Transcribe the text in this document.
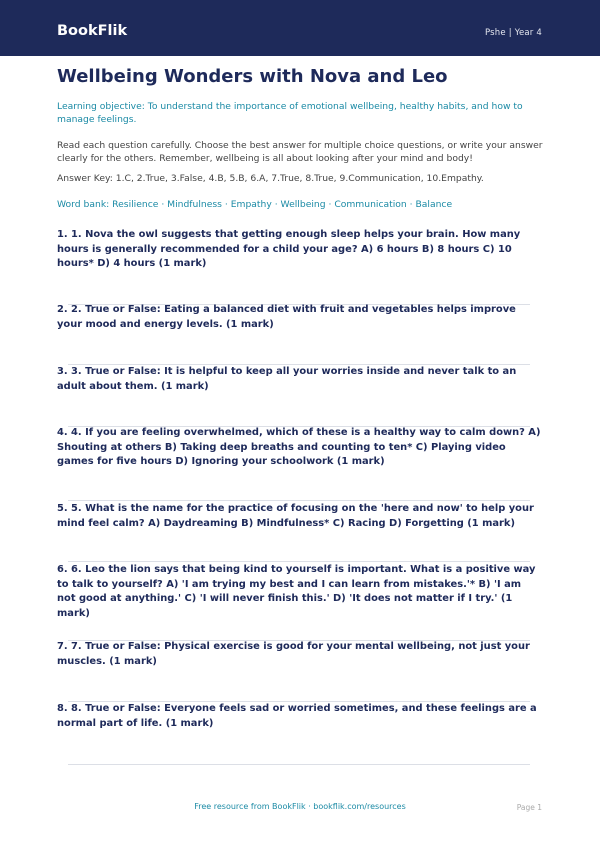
BookFlik	Pshe | Year 4
Wellbeing Wonders with Nova and Leo

Learning objective: To understand the importance of emotional wellbeing, healthy habits, and how to manage feelings.

Read each question carefully. Choose the best answer for multiple choice questions, or write your answer clearly for the others. Remember, wellbeing is all about looking after your mind and body!

Answer Key: 1.C, 2.True, 3.False, 4.B, 5.B, 6.A, 7.True, 8.True, 9.Communication, 10.Empathy.

Word bank: Resilience · Mindfulness · Empathy · Wellbeing · Communication · Balance

1. 1. Nova the owl suggests that getting enough sleep helps your brain. How many hours is generally recommended for a child your age? A) 6 hours B) 8 hours C) 10 hours* D) 4 hours (1 mark)
2. 2. True or False: Eating a balanced diet with fruit and vegetables helps improve your mood and energy levels. (1 mark)
3. 3. True or False: It is helpful to keep all your worries inside and never talk to an adult about them. (1 mark)
4. 4. If you are feeling overwhelmed, which of these is a healthy way to calm down? A) Shouting at others B) Taking deep breaths and counting to ten* C) Playing video games for five hours D) Ignoring your schoolwork (1 mark)
5. 5. What is the name for the practice of focusing on the 'here and now' to help your mind feel calm? A) Daydreaming B) Mindfulness* C) Racing D) Forgetting (1 mark)
6. 6. Leo the lion says that being kind to yourself is important. What is a positive way to talk to yourself? A) 'I am trying my best and I can learn from mistakes.'* B) 'I am not good at anything.' C) 'I will never finish this.' D) 'It does not matter if I try.' (1 mark)
7. 7. True or False: Physical exercise is good for your mental wellbeing, not just your muscles. (1 mark)
8. 8. True or False: Everyone feels sad or worried sometimes, and these feelings are a normal part of life. (1 mark)
Free resource from BookFlik · bookflik.com/resources	Page 1
